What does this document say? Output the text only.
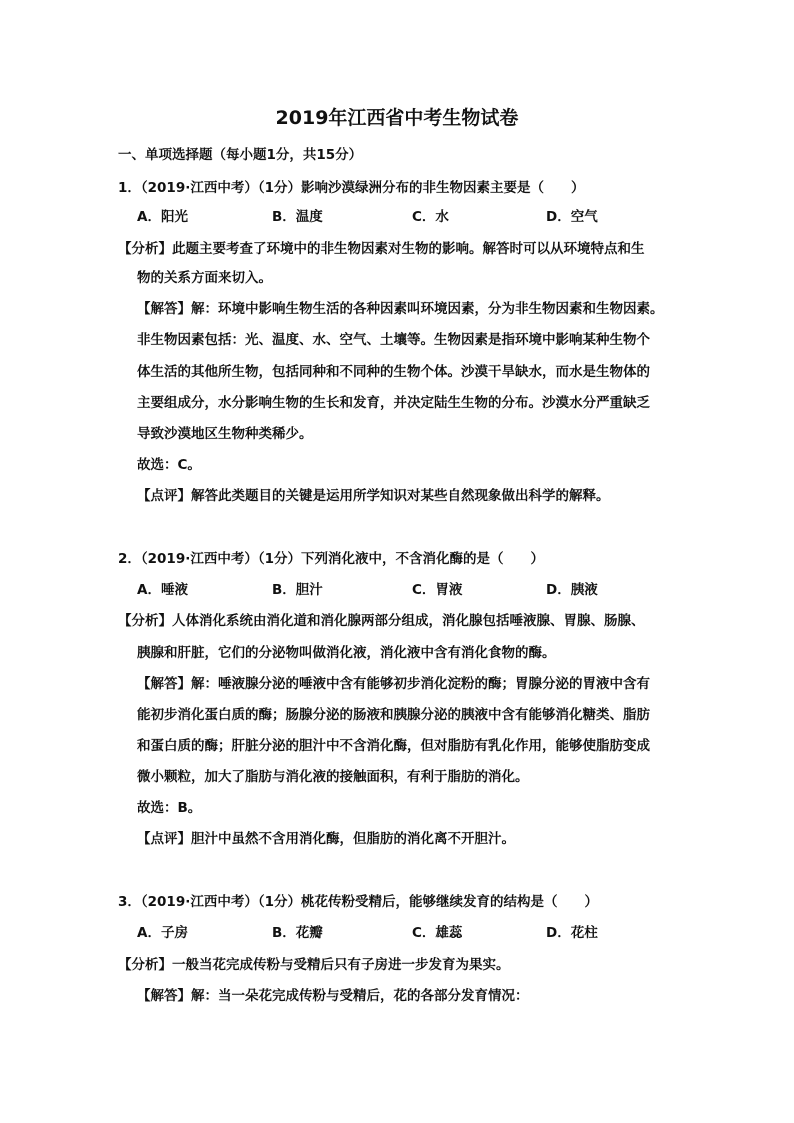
2019年江西省中考生物试卷
一、单项选择题（每小题1分，共15分）
1．（2019·江西中考）（1分）影响沙漠绿洲分布的非生物因素主要是（　　）
A．阳光	B．温度	C．水	D．空气
【分析】此题主要考查了环境中的非生物因素对生物的影响。解答时可以从环境特点和生
物的关系方面来切入。
【解答】解：环境中影响生物生活的各种因素叫环境因素，分为非生物因素和生物因素。
非生物因素包括：光、温度、水、空气、土壤等。生物因素是指环境中影响某种生物个
体生活的其他所生物，包括同种和不同种的生物个体。沙漠干旱缺水，而水是生物体的
主要组成分，水分影响生物的生长和发育，并决定陆生生物的分布。沙漠水分严重缺乏
导致沙漠地区生物种类稀少。
故选：C。
【点评】解答此类题目的关键是运用所学知识对某些自然现象做出科学的解释。
2．（2019·江西中考）（1分）下列消化液中，不含消化酶的是（　　）
A．唾液	B．胆汁	C．胃液	D．胰液
【分析】人体消化系统由消化道和消化腺两部分组成，消化腺包括唾液腺、胃腺、肠腺、
胰腺和肝脏，它们的分泌物叫做消化液，消化液中含有消化食物的酶。
【解答】解：唾液腺分泌的唾液中含有能够初步消化淀粉的酶；胃腺分泌的胃液中含有
能初步消化蛋白质的酶；肠腺分泌的肠液和胰腺分泌的胰液中含有能够消化糖类、脂肪
和蛋白质的酶；肝脏分泌的胆汁中不含消化酶，但对脂肪有乳化作用，能够使脂肪变成
微小颗粒，加大了脂肪与消化液的接触面积，有利于脂肪的消化。
故选：B。
【点评】胆汁中虽然不含用消化酶，但脂肪的消化离不开胆汁。
3．（2019·江西中考）（1分）桃花传粉受精后，能够继续发育的结构是（　　）
A．子房	B．花瓣	C．雄蕊	D．花柱
【分析】一般当花完成传粉与受精后只有子房进一步发育为果实。
【解答】解：当一朵花完成传粉与受精后，花的各部分发育情况：
